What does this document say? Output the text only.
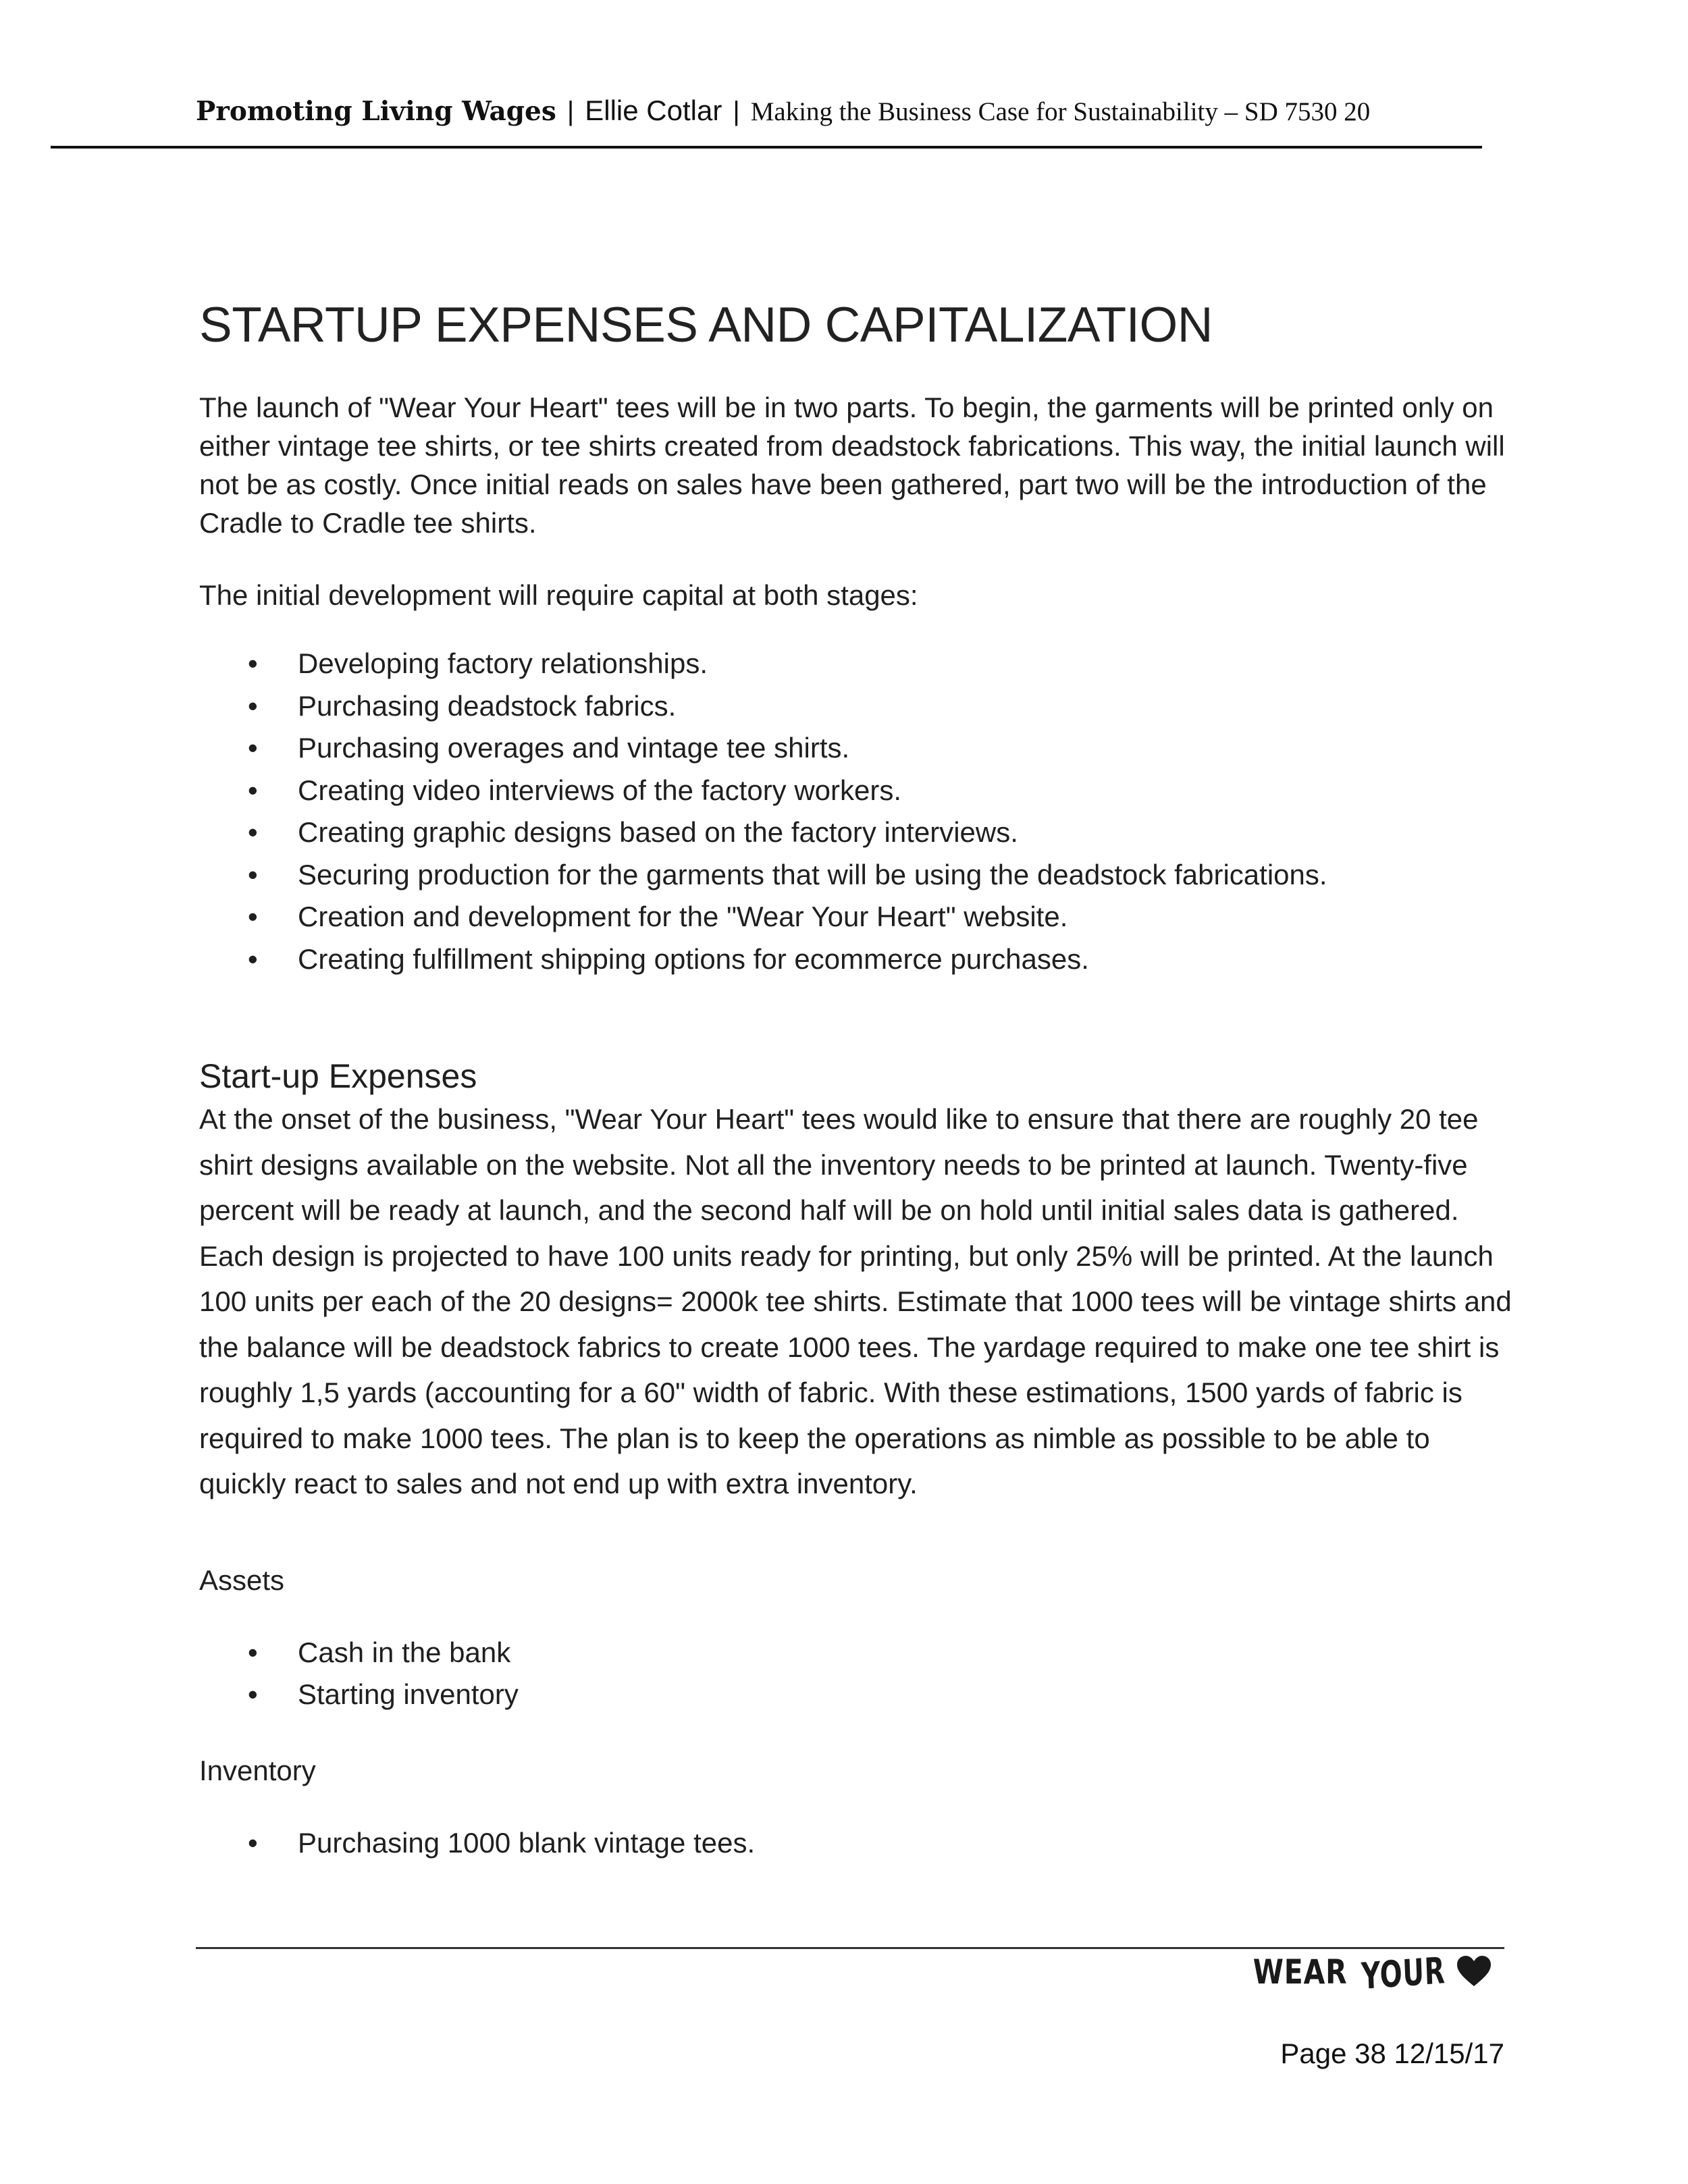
Promoting Living Wages | Ellie Cotlar | Making the Business Case for Sustainability – SD 7530 20
STARTUP EXPENSES AND CAPITALIZATION

The launch of "Wear Your Heart" tees will be in two parts. To begin, the garments will be printed only on either vintage tee shirts, or tee shirts created from deadstock fabrications. This way, the initial launch will not be as costly. Once initial reads on sales have been gathered, part two will be the introduction of the Cradle to Cradle tee shirts.

The initial development will require capital at both stages:

• Developing factory relationships.
• Purchasing deadstock fabrics.
• Purchasing overages and vintage tee shirts.
• Creating video interviews of the factory workers.
• Creating graphic designs based on the factory interviews.
• Securing production for the garments that will be using the deadstock fabrications.
• Creation and development for the "Wear Your Heart" website.
• Creating fulfillment shipping options for ecommerce purchases.
Start-up Expenses

At the onset of the business, "Wear Your Heart" tees would like to ensure that there are roughly 20 tee shirt designs available on the website. Not all the inventory needs to be printed at launch. Twenty-five percent will be ready at launch, and the second half will be on hold until initial sales data is gathered. Each design is projected to have 100 units ready for printing, but only 25% will be printed. At the launch 100 units per each of the 20 designs= 2000k tee shirts. Estimate that 1000 tees will be vintage shirts and the balance will be deadstock fabrics to create 1000 tees. The yardage required to make one tee shirt is roughly 1,5 yards (accounting for a 60" width of fabric. With these estimations, 1500 yards of fabric is required to make 1000 tees. The plan is to keep the operations as nimble as possible to be able to quickly react to sales and not end up with extra inventory.

Assets

• Cash in the bank
• Starting inventory

Inventory

• Purchasing 1000 blank vintage tees.
WEAR YOUR
Page 38 12/15/17
